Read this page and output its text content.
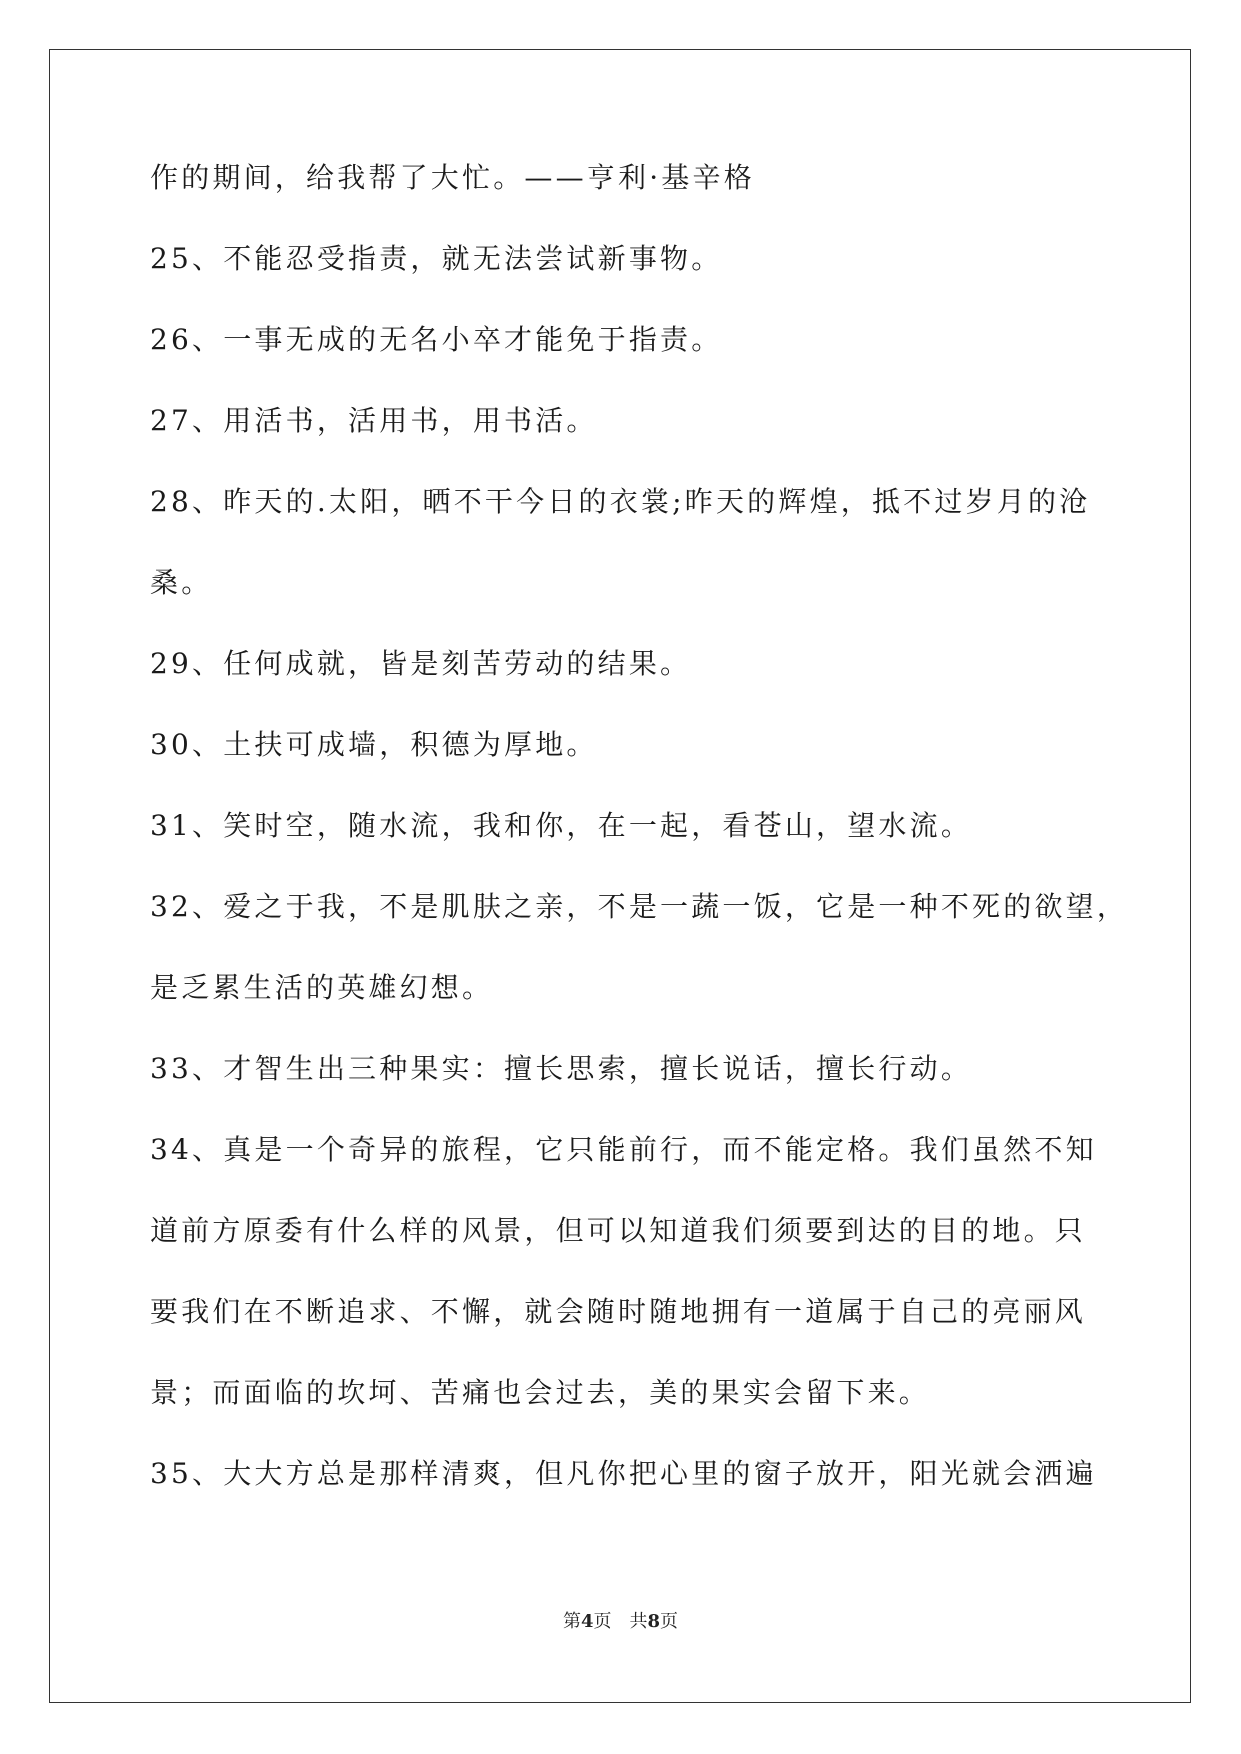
作的期间，给我帮了大忙。——亨利·基辛格

25、不能忍受指责，就无法尝试新事物。

26、一事无成的无名小卒才能免于指责。

27、用活书，活用书，用书活。

28、昨天的.太阳，晒不干今日的衣裳;昨天的辉煌，抵不过岁月的沧

桑。

29、任何成就，皆是刻苦劳动的结果。

30、土扶可成墙，积德为厚地。

31、笑时空，随水流，我和你，在一起，看苍山，望水流。

32、爱之于我，不是肌肤之亲，不是一蔬一饭，它是一种不死的欲望，

是乏累生活的英雄幻想。

33、才智生出三种果实：擅长思索，擅长说话，擅长行动。

34、真是一个奇异的旅程，它只能前行，而不能定格。我们虽然不知

道前方原委有什么样的风景，但可以知道我们须要到达的目的地。只

要我们在不断追求、不懈，就会随时随地拥有一道属于自己的亮丽风

景；而面临的坎坷、苦痛也会过去，美的果实会留下来。

35、大大方总是那样清爽，但凡你把心里的窗子放开，阳光就会洒遍

第4页 共8页
